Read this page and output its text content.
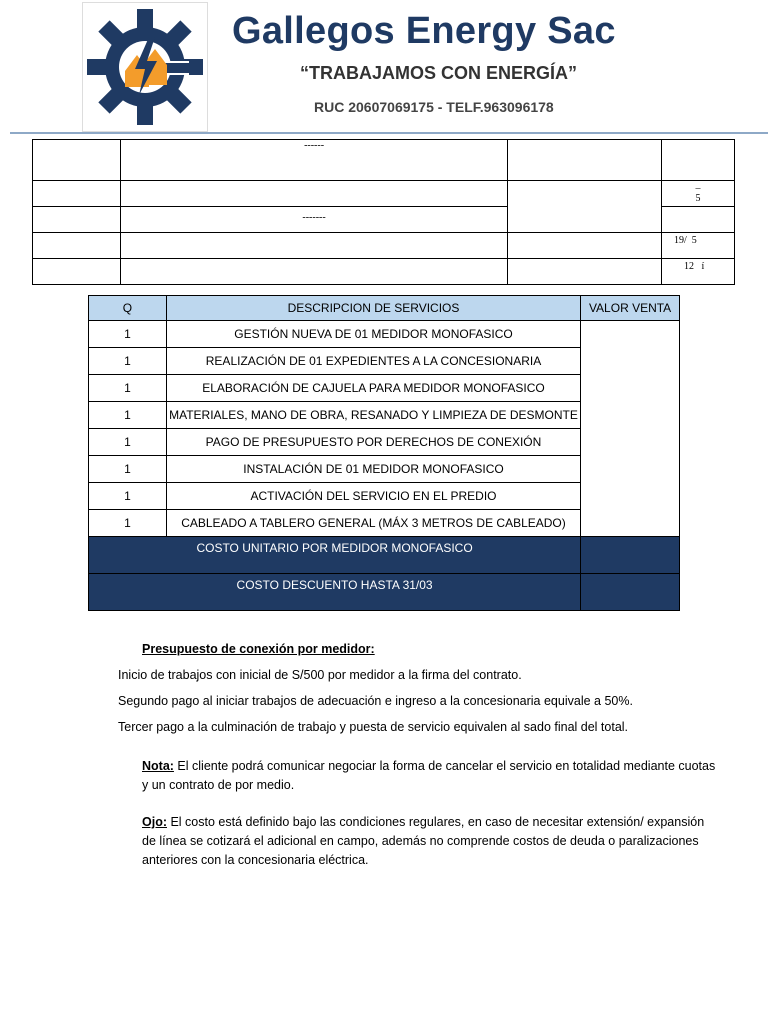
Gallegos Energy Sac
“TRABAJAMOS CON ENERGÍA”
RUC 20607069175 - TELF.963096178
	------		
			–
5
	-------		
			19/  5
			12   í
Q	DESCRIPCION DE SERVICIOS	VALOR VENTA
1	GESTIÓN NUEVA DE 01 MEDIDOR MONOFASICO	
1	REALIZACIÓN DE 01 EXPEDIENTES A LA CONCESIONARIA	
1	ELABORACIÓN DE CAJUELA PARA MEDIDOR MONOFASICO	
1	MATERIALES, MANO DE OBRA, RESANADO Y LIMPIEZA DE DESMONTE	
1	PAGO DE PRESUPUESTO POR DERECHOS DE CONEXIÓN	
1	INSTALACIÓN DE 01 MEDIDOR MONOFASICO	
1	ACTIVACIÓN DEL SERVICIO EN EL PREDIO	
1	CABLEADO A TABLERO GENERAL (MÁX 3 METROS DE CABLEADO)	
COSTO UNITARIO POR MEDIDOR MONOFASICO		
COSTO DESCUENTO HASTA 31/03		

Presupuesto de conexión por medidor:

Inicio de trabajos con inicial de S/500 por medidor a la firma del contrato.

Segundo pago al iniciar trabajos de adecuación e ingreso a la concesionaria equivale a 50%.

Tercer pago a la culminación de trabajo y puesta de servicio equivalen al sado final del total.

Nota: El cliente podrá comunicar negociar la forma de cancelar el servicio en totalidad mediante cuotas y un contrato de por medio.

Ojo: El costo está definido bajo las condiciones regulares, en caso de necesitar extensión/ expansión de línea se cotizará el adicional en campo, además no comprende costos de deuda o paralizaciones anteriores con la concesionaria eléctrica.
